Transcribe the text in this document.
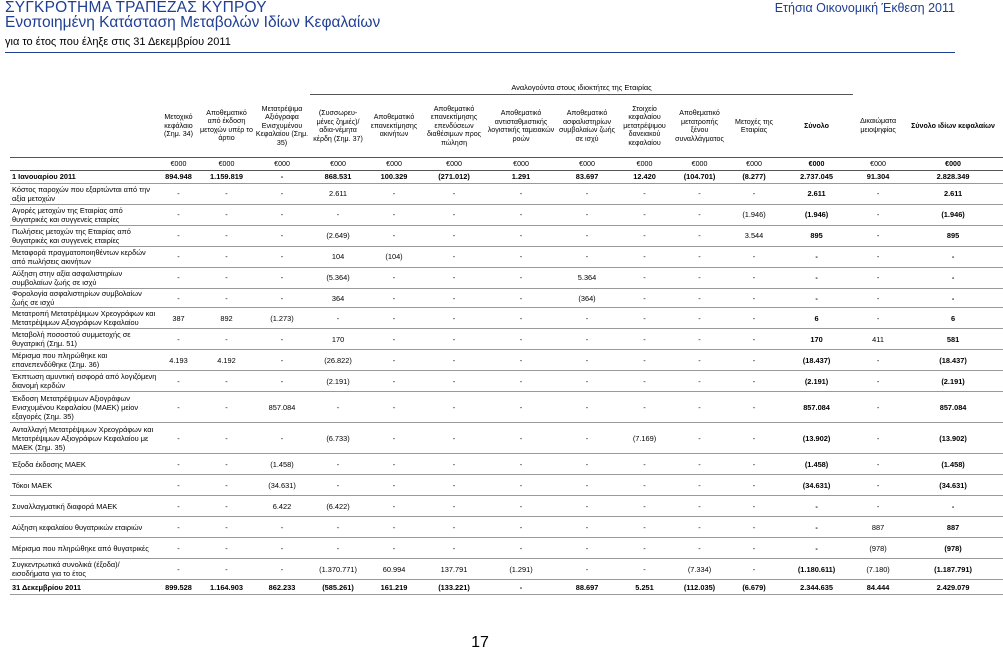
ΣΥΓΚΡΟΤΗΜΑ ΤΡΑΠΕΖΑΣ ΚΥΠΡΟΥ	Ετήσια Οικονομική Έκθεση 2011
Ενοποιημένη Κατάσταση Μεταβολών Ιδίων Κεφαλαίων
για το έτος που έληξε στις 31 Δεκεμβρίου 2011
				Αναλογούντα στους ιδιοκτήτες της Εταιρίας										
	Μετοχικό κεφάλαιο (Σημ. 34)	Αποθεματικό από έκδοση μετοχών υπέρ το άρτιο	Μετατρέψιμα Αξιόγραφα Ενισχυμένου Κεφαλαίου (Σημ. 35)	(Συσσωρευ-μένες ζημιές)/αδια-νέμητα κέρδη (Σημ. 37)	Αποθεματικό επανεκτίμησης ακινήτων	Αποθεματικό επανεκτίμησης επενδύσεων διαθέσιμων προς πώληση	Αποθεματικό αντισταθμιστικής λογιστικής ταμειακών ροών	Αποθεματικό ασφαλιστηρίων συμβολαίων ζωής σε ισχύ	Στοιχείο κεφαλαίου μετατρέψιμου δανειακού κεφαλαίου	Αποθεματικό μετατροπής ξένου συναλλάγματος	Μετοχές της Εταιρίας	Σύνολο	Δικαιώματα μειοψηφίας	Σύνολο ιδίων κεφαλαίων
	€000	€000	€000	€000	€000	€000	€000	€000	€000	€000	€000	€000	€000	€000
1 Ιανουαρίου 2011	894.948	1.159.819	-	868.531	100.329	(271.012)	1.291	83.697	12.420	(104.701)	(8.277)	2.737.045	91.304	2.828.349
Κόστος παροχών που εξαρτώνται από την αξία μετοχών	-	-	-	2.611	-	-	-	-	-	-	-	2.611	-	2.611
Αγορές μετοχών της Εταιρίας από θυγατρικές και συγγενείς εταιρίες	-	-	-	-	-	-	-	-	-	-	(1.946)	(1.946)	-	(1.946)
Πωλήσεις μετοχών της Εταιρίας από θυγατρικές και συγγενείς εταιρίες	-	-	-	(2.649)	-	-	-	-	-	-	3.544	895	-	895
Μεταφορά πραγματοποιηθέντων κερδών από πωλήσεις ακινήτων	-	-	-	104	(104)	-	-	-	-	-	-	-	-	-
Αύξηση στην αξία ασφαλιστηρίων συμβολαίων ζωής σε ισχύ	-	-	-	(5.364)	-	-	-	5.364	-	-	-	-	-	-
Φορολογία ασφαλιστηρίων συμβολαίων ζωής σε ισχύ	-	-	-	364	-	-	-	(364)	-	-	-	-	-	-
Μετατροπή Μετατρέψιμων Χρεογράφων και Μετατρέψιμων Αξιογράφων Κεφαλαίου	387	892	(1.273)	-	-	-	-	-	-	-	-	6	-	6
Μεταβολή ποσοστού συμμετοχής σε θυγατρική (Σημ. 51)	-	-	-	170	-	-	-	-	-	-	-	170	411	581
Μέρισμα που πληρώθηκε και επανεπενδύθηκε (Σημ. 36)	4.193	4.192	-	(26.822)	-	-	-	-	-	-	-	(18.437)	-	(18.437)
Έκπτωση αμυντική εισφορά από λογιζόμενη διανομή κερδών	-	-	-	(2.191)	-	-	-	-	-	-	-	(2.191)	-	(2.191)
Έκδοση Μετατρέψιμων Αξιογράφων Ενισχυμένου Κεφαλαίου (ΜΑΕΚ) μείον εξαγορές (Σημ. 35)	-	-	857.084	-	-	-	-	-	-	-	-	857.084	-	857.084
Ανταλλαγή Μετατρέψιμων Χρεογράφων και Μετατρέψιμων Αξιογράφων Κεφαλαίου με ΜΑΕΚ (Σημ. 35)	-	-	-	(6.733)	-	-	-	-	(7.169)	-	-	(13.902)	-	(13.902)
Έξοδα έκδοσης ΜΑΕΚ	-	-	(1.458)	-	-	-	-	-	-	-	-	(1.458)	-	(1.458)
Τόκοι ΜΑΕΚ	-	-	(34.631)	-	-	-	-	-	-	-	-	(34.631)	-	(34.631)
Συναλλαγματική διαφορά ΜΑΕΚ	-	-	6.422	(6.422)	-	-	-	-	-	-	-	-	-	-
Αύξηση κεφαλαίου θυγατρικών εταιριών	-	-	-	-	-	-	-	-	-	-	-	-	887	887
Μέρισμα που πληρώθηκε από θυγατρικές	-	-	-	-	-	-	-	-	-	-	-	-	(978)	(978)
Συγκεντρωτικά συνολικά (έξοδα)/εισοδήματα για το έτος	-	-	-	(1.370.771)	60.994	137.791	(1.291)	-	-	(7.334)	-	(1.180.611)	(7.180)	(1.187.791)
31 Δεκεμβρίου 2011	899.528	1.164.903	862.233	(585.261)	161.219	(133.221)	-	88.697	5.251	(112.035)	(6.679)	2.344.635	84.444	2.429.079
17
